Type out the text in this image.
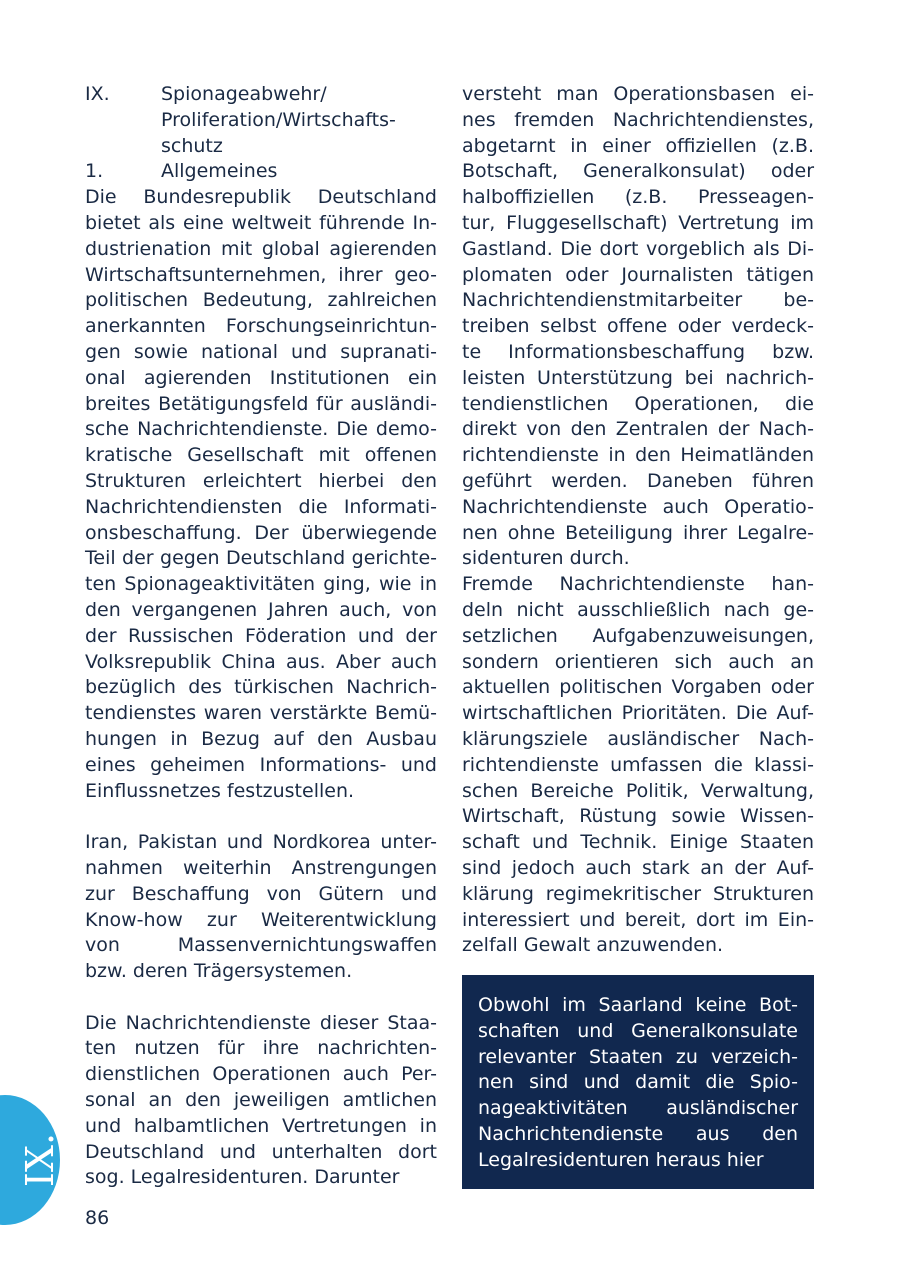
IX.	Spionageabwehr/
Proliferation/Wirtschafts-
schutz
1.	Allgemeines
Die Bundesrepublik Deutschland
bietet als eine weltweit führende In-
dustrienation mit global agierenden
Wirtschaftsunternehmen, ihrer geo-
politischen Bedeutung, zahlreichen
anerkannten Forschungseinrichtun-
gen sowie national und supranati-
onal agierenden Institutionen ein
breites Betätigungsfeld für ausländi-
sche Nachrichtendienste. Die demo-
kratische Gesellschaft mit offenen
Strukturen erleichtert hierbei den
Nachrichtendiensten die Informati-
onsbeschaffung. Der überwiegende
Teil der gegen Deutschland gerichte-
ten Spionageaktivitäten ging, wie in
den vergangenen Jahren auch, von
der Russischen Föderation und der
Volksrepublik China aus. Aber auch
bezüglich des türkischen Nachrich-
tendienstes waren verstärkte Bemü-
hungen in Bezug auf den Ausbau
eines geheimen Informations- und
Einflussnetzes festzustellen.
Iran, Pakistan und Nordkorea unter-
nahmen weiterhin Anstrengungen
zur Beschaffung von Gütern und
Know-how zur Weiterentwicklung
von Massenvernichtungswaffen
bzw. deren Trägersystemen.
Die Nachrichtendienste dieser Staa-
ten nutzen für ihre nachrichten-
dienstlichen Operationen auch Per-
sonal an den jeweiligen amtlichen
und halbamtlichen Vertretungen in
Deutschland und unterhalten dort
sog. Legalresidenturen. Darunter
versteht man Operationsbasen ei-
nes fremden Nachrichtendienstes,
abgetarnt in einer offiziellen (z.B.
Botschaft, Generalkonsulat) oder
halboffiziellen (z.B. Presseagen-
tur, Fluggesellschaft) Vertretung im
Gastland. Die dort vorgeblich als Di-
plomaten oder Journalisten tätigen
Nachrichtendienstmitarbeiter be-
treiben selbst offene oder verdeck-
te Informationsbeschaffung bzw.
leisten Unterstützung bei nachrich-
tendienstlichen Operationen, die
direkt von den Zentralen der Nach-
richtendienste in den Heimatländen
geführt werden. Daneben führen
Nachrichtendienste auch Operatio-
nen ohne Beteiligung ihrer Legalre-
sidenturen durch.
Fremde Nachrichtendienste han-
deln nicht ausschließlich nach ge-
setzlichen Aufgabenzuweisungen,
sondern orientieren sich auch an
aktuellen politischen Vorgaben oder
wirtschaftlichen Prioritäten. Die Auf-
klärungsziele ausländischer Nach-
richtendienste umfassen die klassi-
schen Bereiche Politik, Verwaltung,
Wirtschaft, Rüstung sowie Wissen-
schaft und Technik. Einige Staaten
sind jedoch auch stark an der Auf-
klärung regimekritischer Strukturen
interessiert und bereit, dort im Ein-
zelfall Gewalt anzuwenden.
Obwohl im Saarland keine Bot-
schaften und Generalkonsulate
relevanter Staaten zu verzeich-
nen sind und damit die Spio-
nageaktivitäten ausländischer
Nachrichtendienste aus den
Legalresidenturen heraus hier
IX.
86
